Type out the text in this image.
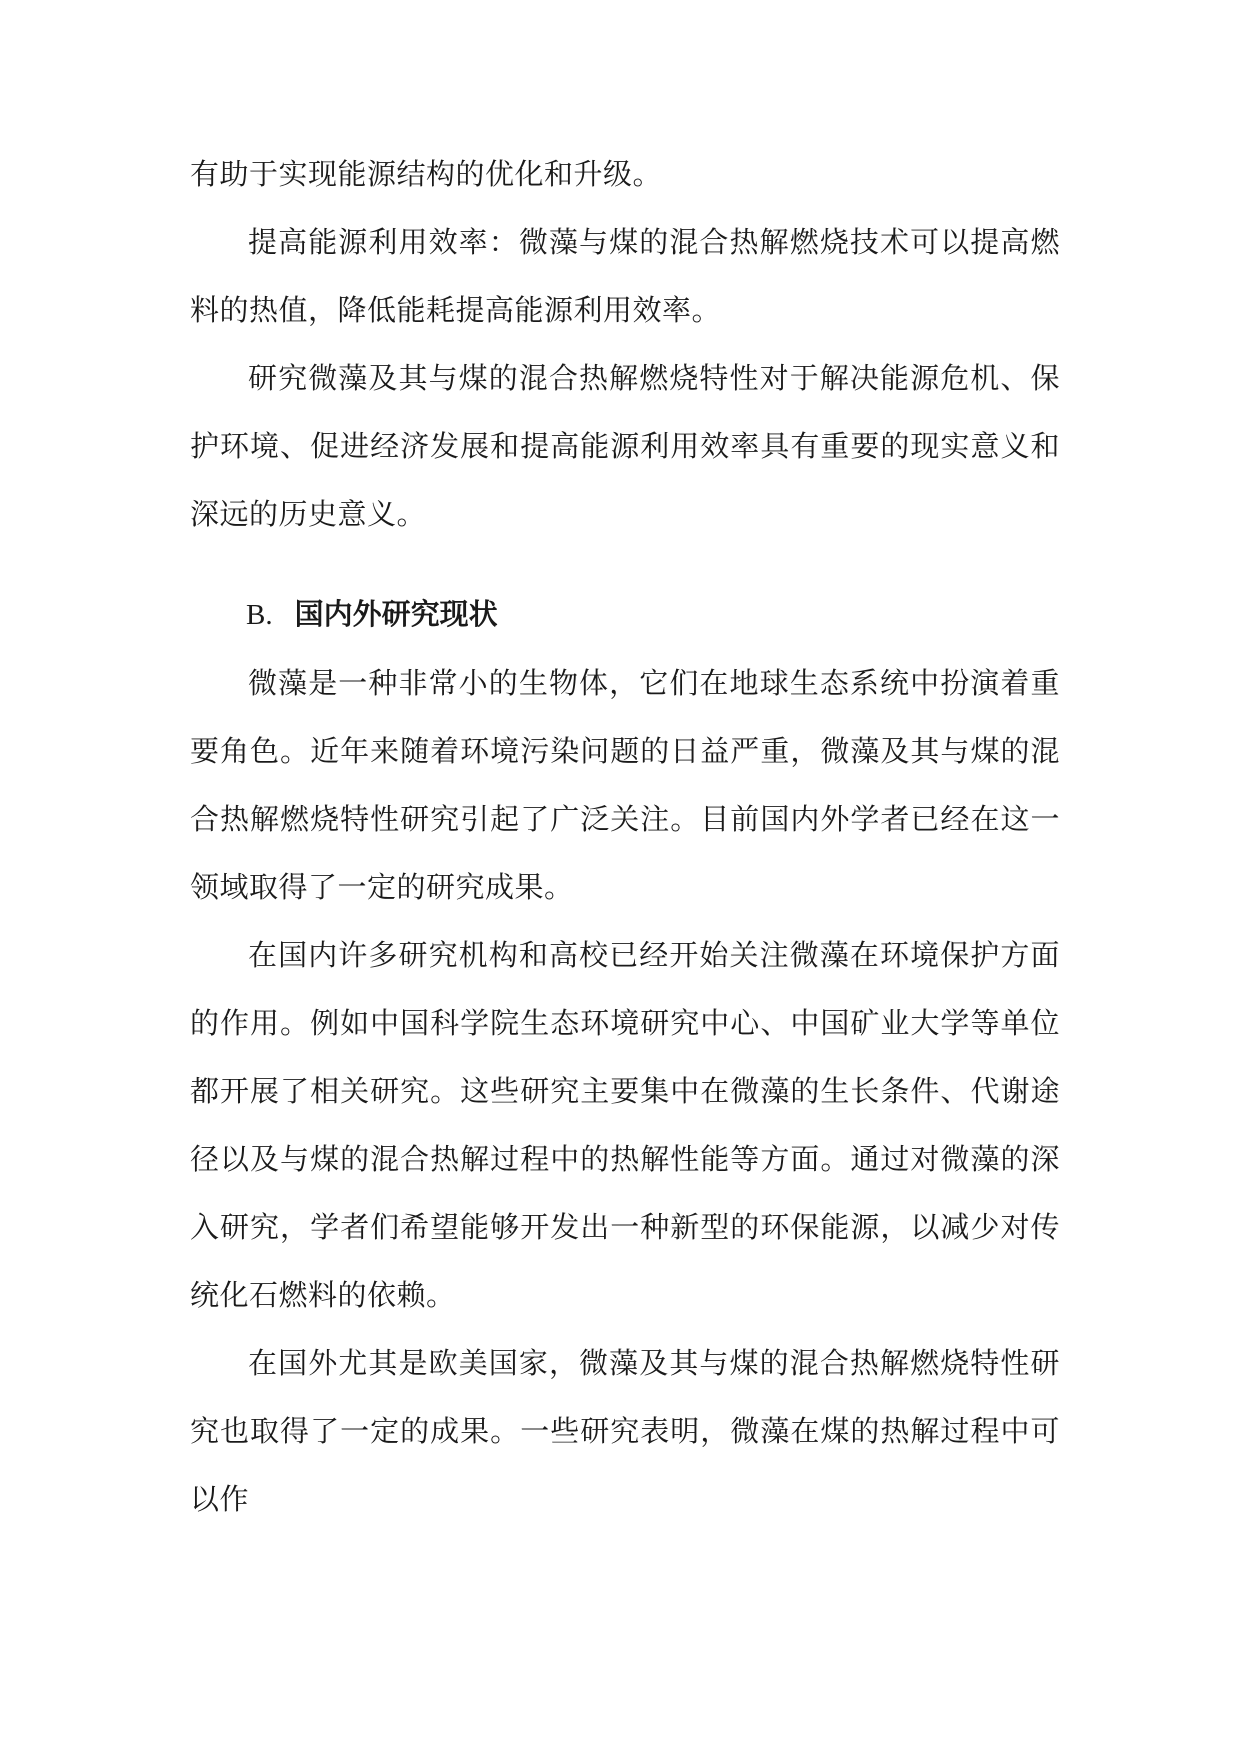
有助于实现能源结构的优化和升级。

提高能源利用效率：微藻与煤的混合热解燃烧技术可以提高燃料的热值，降低能耗提高能源利用效率。

研究微藻及其与煤的混合热解燃烧特性对于解决能源危机、保护环境、促进经济发展和提高能源利用效率具有重要的现实意义和深远的历史意义。

B. 国内外研究现状

微藻是一种非常小的生物体，它们在地球生态系统中扮演着重要角色。近年来随着环境污染问题的日益严重，微藻及其与煤的混合热解燃烧特性研究引起了广泛关注。目前国内外学者已经在这一领域取得了一定的研究成果。

在国内许多研究机构和高校已经开始关注微藻在环境保护方面的作用。例如中国科学院生态环境研究中心、中国矿业大学等单位都开展了相关研究。这些研究主要集中在微藻的生长条件、代谢途径以及与煤的混合热解过程中的热解性能等方面。通过对微藻的深入研究，学者们希望能够开发出一种新型的环保能源，以减少对传统化石燃料的依赖。

在国外尤其是欧美国家，微藻及其与煤的混合热解燃烧特性研究也取得了一定的成果。一些研究表明，微藻在煤的热解过程中可以作
